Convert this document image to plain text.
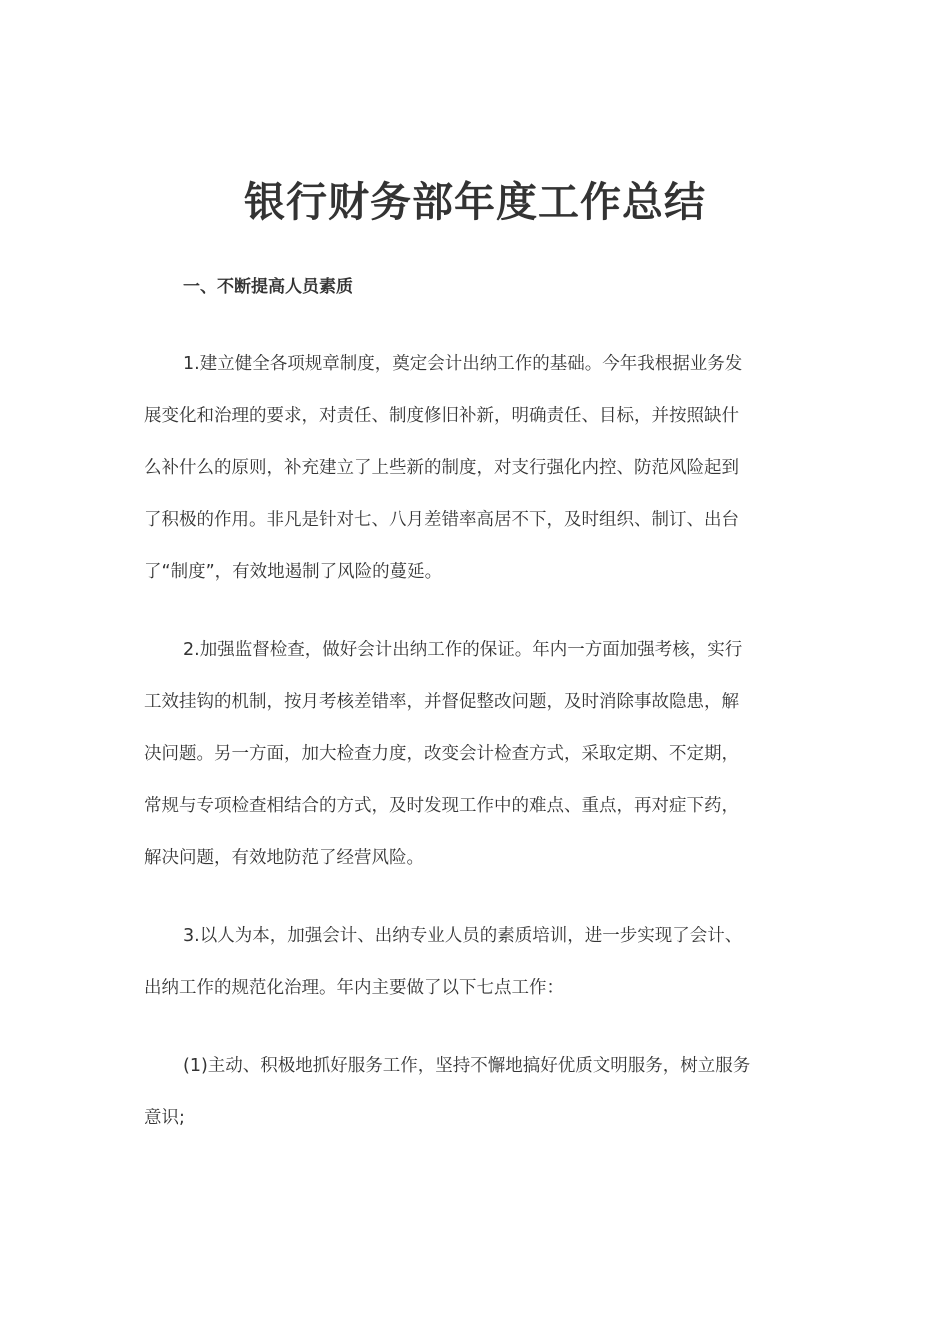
银行财务部年度工作总结
一、不断提高人员素质

1.建立健全各项规章制度，奠定会计出纳工作的基础。今年我根据业务发
展变化和治理的要求，对责任、制度修旧补新，明确责任、目标，并按照缺什
么补什么的原则，补充建立了上些新的制度，对支行强化内控、防范风险起到
了积极的作用。非凡是针对七、八月差错率高居不下，及时组织、制订、出台
了“制度”，有效地遏制了风险的蔓延。

2.加强监督检查，做好会计出纳工作的保证。年内一方面加强考核，实行
工效挂钩的机制，按月考核差错率，并督促整改问题，及时消除事故隐患，解
决问题。另一方面，加大检查力度，改变会计检查方式，采取定期、不定期，
常规与专项检查相结合的方式，及时发现工作中的难点、重点，再对症下药，
解决问题，有效地防范了经营风险。

3.以人为本，加强会计、出纳专业人员的素质培训，进一步实现了会计、
出纳工作的规范化治理。年内主要做了以下七点工作：

(1)主动、积极地抓好服务工作，坚持不懈地搞好优质文明服务，树立服务
意识;
